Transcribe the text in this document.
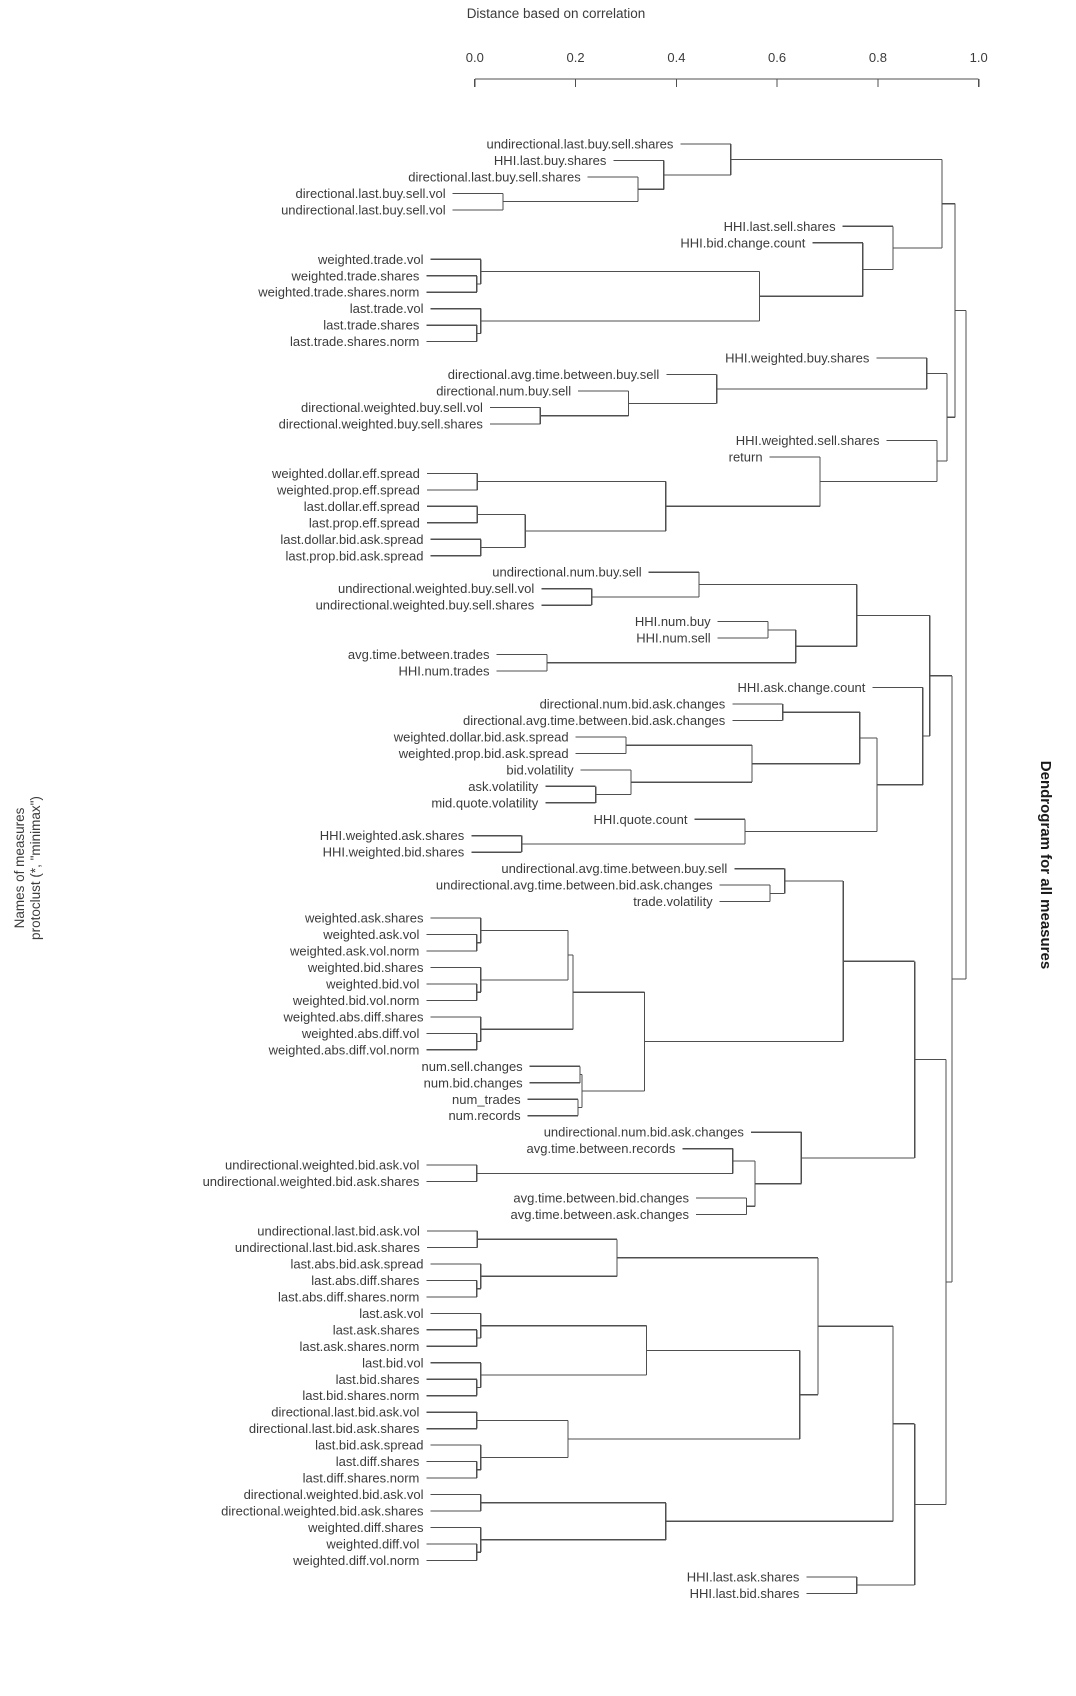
Distance based on correlation
0.0	0.2	0.4	0.6	0.8	1.0
directional.last.buy.sell.vol
undirectional.last.buy.sell.vol
directional.last.buy.sell.shares
HHI.last.buy.shares
undirectional.last.buy.sell.shares
weighted.trade.shares
weighted.trade.shares.norm
weighted.trade.vol
last.trade.shares
last.trade.shares.norm
last.trade.vol
HHI.bid.change.count
HHI.last.sell.shares
directional.weighted.buy.sell.vol
directional.weighted.buy.sell.shares
directional.num.buy.sell
directional.avg.time.between.buy.sell
HHI.weighted.buy.shares
weighted.dollar.eff.spread
weighted.prop.eff.spread
last.dollar.eff.spread
last.prop.eff.spread
last.dollar.bid.ask.spread
last.prop.bid.ask.spread
return
HHI.weighted.sell.shares
undirectional.weighted.buy.sell.vol
undirectional.weighted.buy.sell.shares
undirectional.num.buy.sell
HHI.num.buy
HHI.num.sell
avg.time.between.trades
HHI.num.trades
directional.num.bid.ask.changes
directional.avg.time.between.bid.ask.changes
weighted.dollar.bid.ask.spread
weighted.prop.bid.ask.spread
ask.volatility
mid.quote.volatility
bid.volatility
HHI.weighted.ask.shares
HHI.weighted.bid.shares
HHI.quote.count
HHI.ask.change.count
undirectional.avg.time.between.bid.ask.changes
trade.volatility
undirectional.avg.time.between.buy.sell
weighted.ask.vol
weighted.ask.vol.norm
weighted.ask.shares
weighted.bid.vol
weighted.bid.vol.norm
weighted.bid.shares
weighted.abs.diff.vol
weighted.abs.diff.vol.norm
weighted.abs.diff.shares
num.sell.changes
num.bid.changes
num_trades
num.records
undirectional.weighted.bid.ask.vol
undirectional.weighted.bid.ask.shares
avg.time.between.records
avg.time.between.bid.changes
avg.time.between.ask.changes
undirectional.num.bid.ask.changes
undirectional.last.bid.ask.vol
undirectional.last.bid.ask.shares
last.abs.diff.shares
last.abs.diff.shares.norm
last.abs.bid.ask.spread
last.ask.shares
last.ask.shares.norm
last.ask.vol
last.bid.shares
last.bid.shares.norm
last.bid.vol
directional.last.bid.ask.vol
directional.last.bid.ask.shares
last.diff.shares
last.diff.shares.norm
last.bid.ask.spread
directional.weighted.bid.ask.vol
directional.weighted.bid.ask.shares
weighted.diff.vol
weighted.diff.vol.norm
weighted.diff.shares
HHI.last.ask.shares
HHI.last.bid.shares
Names of measures protoclust (*, "minimax")	Dendrogram for all measures
